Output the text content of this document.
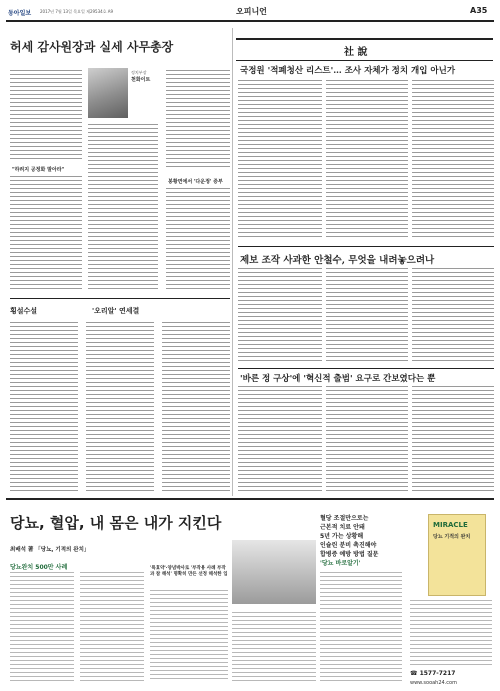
동아일보 2017년 7월 13일 목요일 제29534호 A9	오피니언	A35
허세 감사원장과 실세 사무총장
정치부장
천화이트
"하려지 공정화 말아라"
봉황면에서 '다운정' 증부
횡설수설	'오리알' 연세결
社 說
국정원 '적폐청산 리스트'… 조사 자체가 정치 개입 아닌가
제보 조작 사과한 안철수, 무엇을 내려놓으려나
'바른 정 구상'에 '혁신적 출범' 요구로 간보였다는 뿐
당뇨, 혈압, 내 몸은 내가 지킨다
최배석 著 「당뇨, 기적의 완치」
혈당 조절만으로는
근본적 치료 안돼
5년 가는 상황해
인슐린 분비 촉진해야
합병증 예방 방법 질문
'당뇨 바로알기'
MIRACLE
당뇨 기적의 완치
당뇨완치 500만 사례	'특효약'·양념박사로 '부작용 사례 부작과 참 해석' 명확히 만든 선정 해석한 입
☎ 1577-7217
www.sooah24.com
